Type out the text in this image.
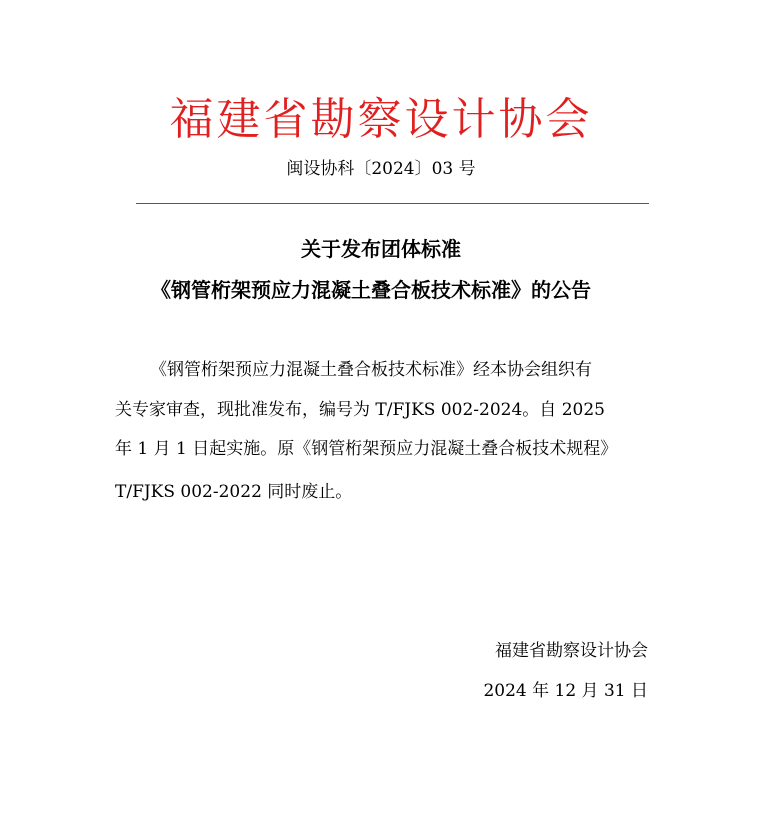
福建省勘察设计协会
闽设协科〔2024〕03 号
关于发布团体标准
《钢管桁架预应力混凝土叠合板技术标准》的公告
《钢管桁架预应力混凝土叠合板技术标准》经本协会组织有
关专家审查，现批准发布，编号为 T/FJKS 002-2024。自 2025
年 1 月 1 日起实施。原《钢管桁架预应力混凝土叠合板技术规程》
T/FJKS 002-2022 同时废止。
福建省勘察设计协会
2024 年 12 月 31 日
